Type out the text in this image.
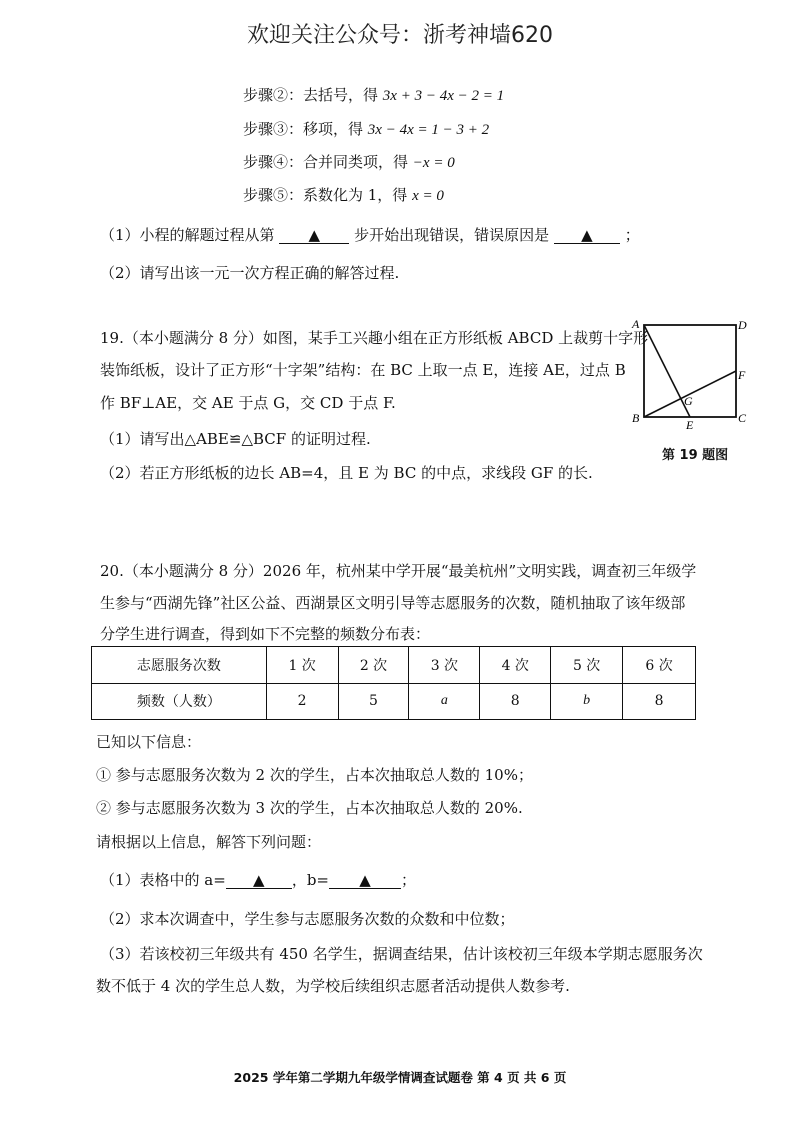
欢迎关注公众号：浙考神墙620
步骤②：去括号，得 3x + 3 − 4x − 2 = 1
步骤③：移项，得 3x − 4x = 1 − 3 + 2
步骤④：合并同类项，得 −x = 0
步骤⑤：系数化为 1，得 x = 0
（1）小程的解题过程从第 ▲ 步开始出现错误，错误原因是 ▲ ；
（2）请写出该一元一次方程正确的解答过程.
19.（本小题满分 8 分）如图，某手工兴趣小组在正方形纸板 ABCD 上裁剪十字形
装饰纸板，设计了正方形“十字架”结构：在 BC 上取一点 E，连接 AE，过点 B
作 BF⊥AE，交 AE 于点 G，交 CD 于点 F.
（1）请写出△ABE≌△BCF 的证明过程.
（2）若正方形纸板的边长 AB=4，且 E 为 BC 的中点，求线段 GF 的长.
A	D
B	C
E
F
G
第 19 题图
20.（本小题满分 8 分）2026 年，杭州某中学开展“最美杭州”文明实践，调查初三年级学
生参与“西湖先锋”社区公益、西湖景区文明引导等志愿服务的次数，随机抽取了该年级部
分学生进行调查，得到如下不完整的频数分布表：
志愿服务次数	1 次	2 次	3 次	4 次	5 次	6 次
频数（人数）	2	5	a	8	b	8
已知以下信息：
① 参与志愿服务次数为 2 次的学生，占本次抽取总人数的 10%；
② 参与志愿服务次数为 3 次的学生，占本次抽取总人数的 20%.
请根据以上信息，解答下列问题：
（1）表格中的 a= ▲ ，b= ▲ ；
（2）求本次调查中，学生参与志愿服务次数的众数和中位数；
（3）若该校初三年级共有 450 名学生，据调查结果，估计该校初三年级本学期志愿服务次
数不低于 4 次的学生总人数，为学校后续组织志愿者活动提供人数参考.
2025 学年第二学期九年级学情调查试题卷 第 4 页 共 6 页
